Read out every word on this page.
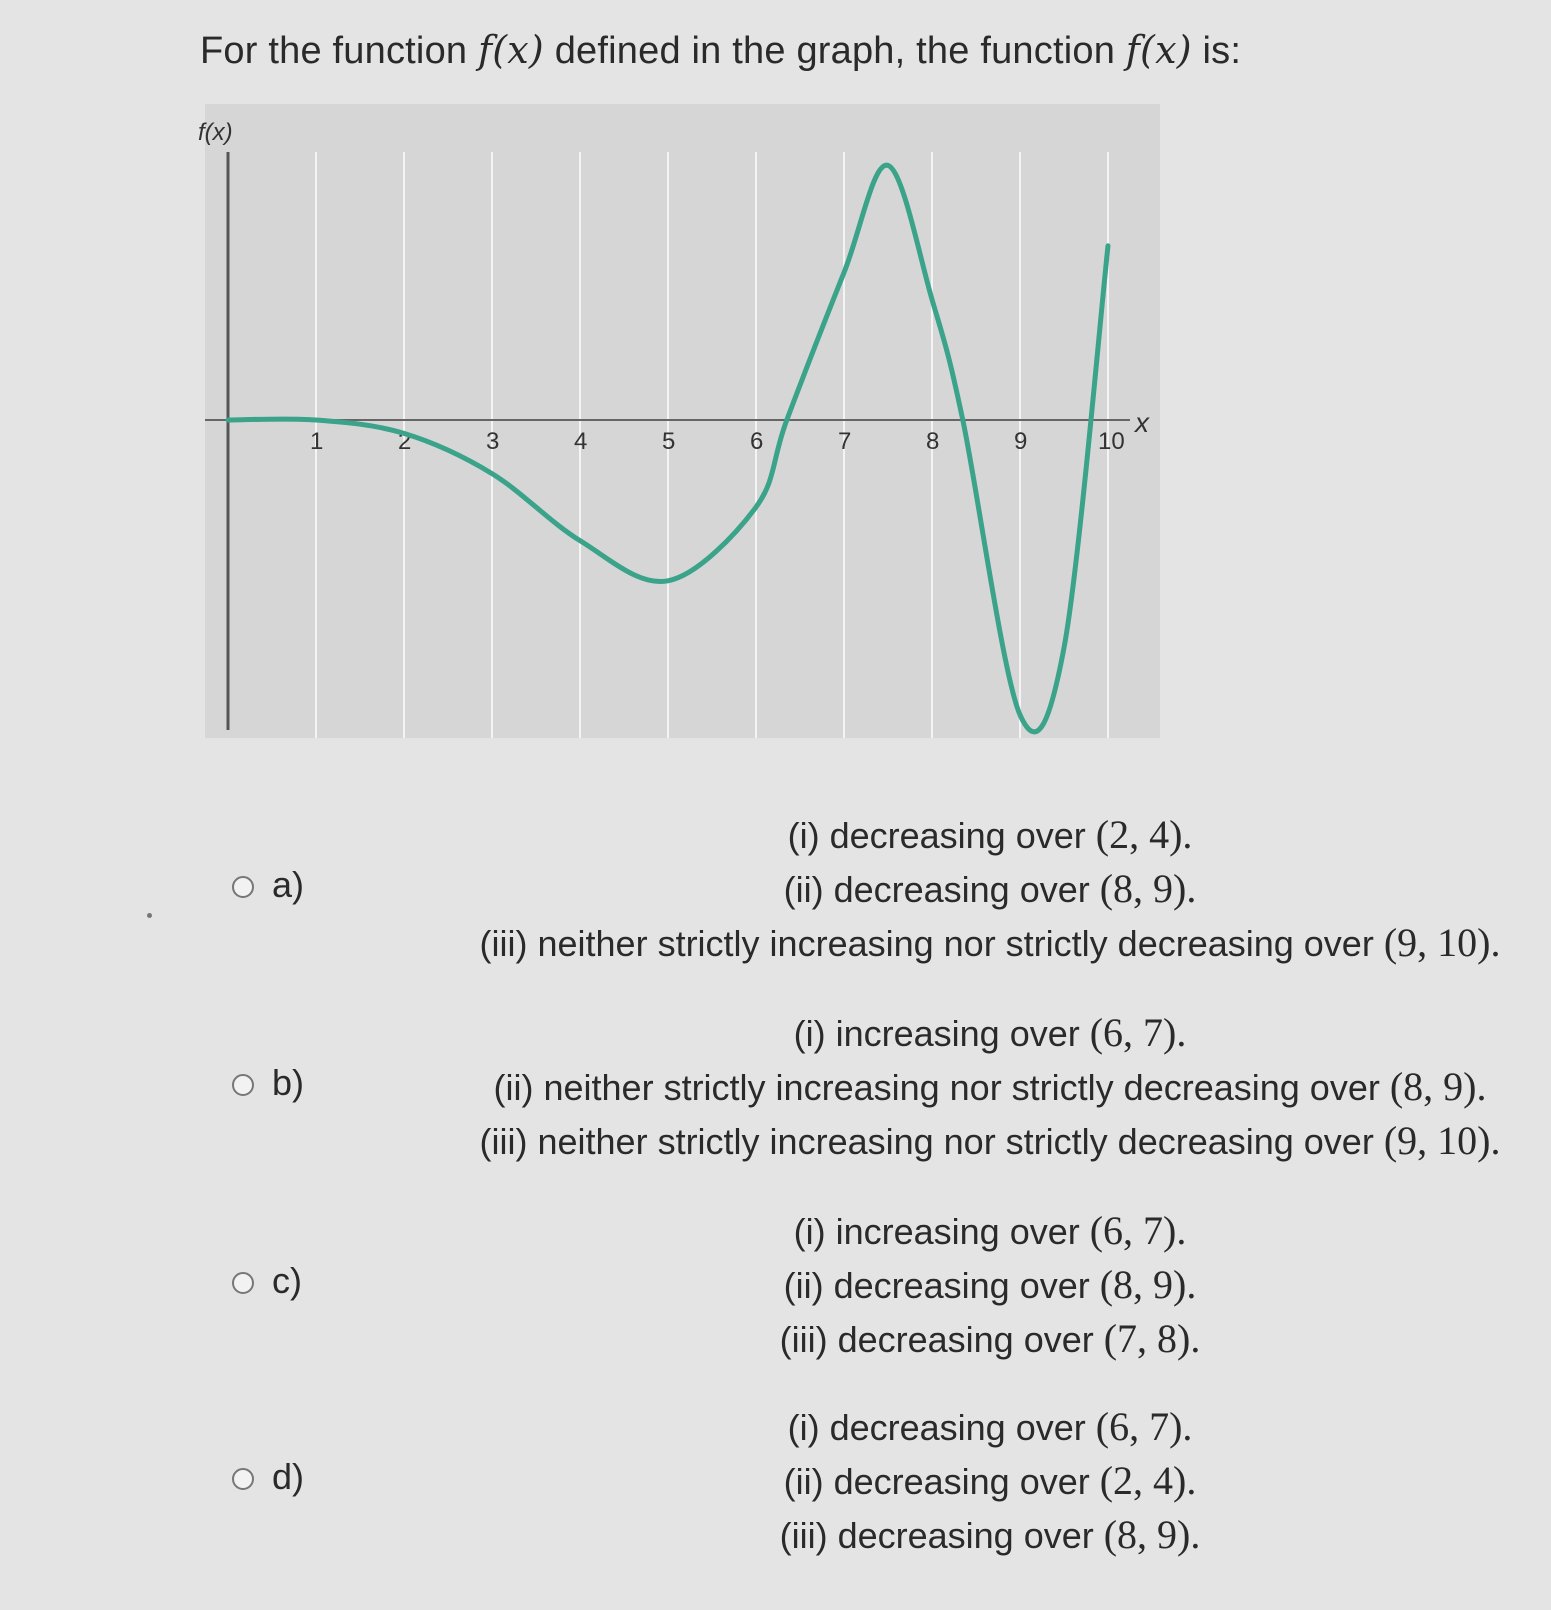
For the function f(x) defined in the graph, the function f(x) is:
1	2	3	4	5	6	7	8	9	10
f(x)
x
a)
(i) decreasing over (2, 4).
(ii) decreasing over (8, 9).
(iii) neither strictly increasing nor strictly decreasing over (9, 10).
b)
(i) increasing over (6, 7).
(ii) neither strictly increasing nor strictly decreasing over (8, 9).
(iii) neither strictly increasing nor strictly decreasing over (9, 10).
c)
(i) increasing over (6, 7).
(ii) decreasing over (8, 9).
(iii) decreasing over (7, 8).
d)
(i) decreasing over (6, 7).
(ii) decreasing over (2, 4).
(iii) decreasing over (8, 9).
